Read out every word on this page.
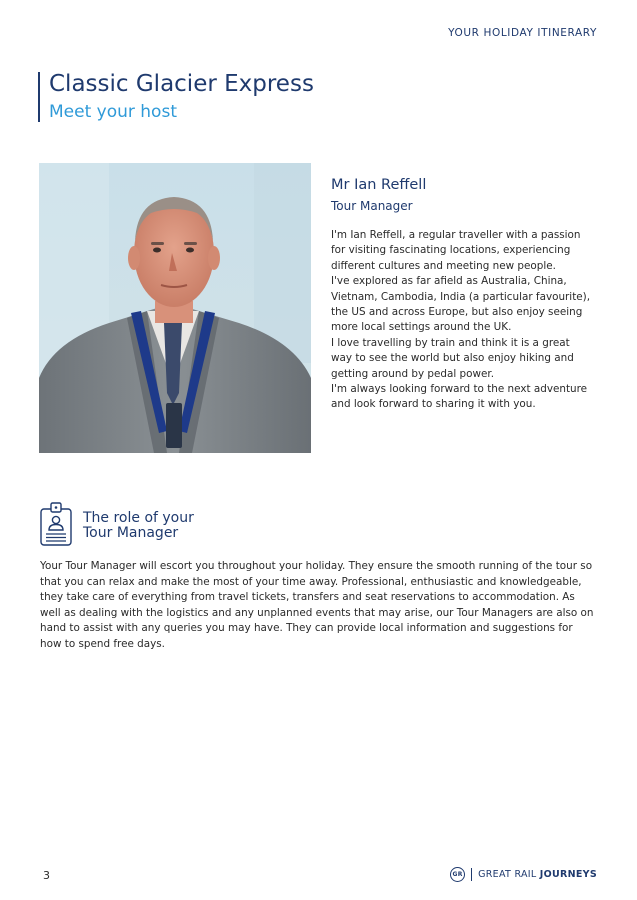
YOUR HOLIDAY ITINERARY
Classic Glacier Express
Meet your host
Mr Ian Reffell
Tour Manager

I'm Ian Reffell, a regular traveller with a passion for visiting fascinating locations, experiencing different cultures and meeting new people.

I've explored as far afield as Australia, China, Vietnam, Cambodia, India (a particular favourite), the US and across Europe, but also enjoy seeing more local settings around the UK.

I love travelling by train and think it is a great way to see the world but also enjoy hiking and getting around by pedal power.

I'm always looking forward to the next adventure and look forward to sharing it with you.

The role of your
Tour Manager

Your Tour Manager will escort you throughout your holiday. They ensure the smooth running of the tour so that you can relax and make the most of your time away. Professional, enthusiastic and knowledgeable, they take care of everything from travel tickets, transfers and seat reservations to accommodation. As well as dealing with the logistics and any unplanned events that may arise, our Tour Managers are also on hand to assist with any queries you may have. They can provide local information and suggestions for how to spend free days.

3	GR GREAT RAIL JOURNEYS
